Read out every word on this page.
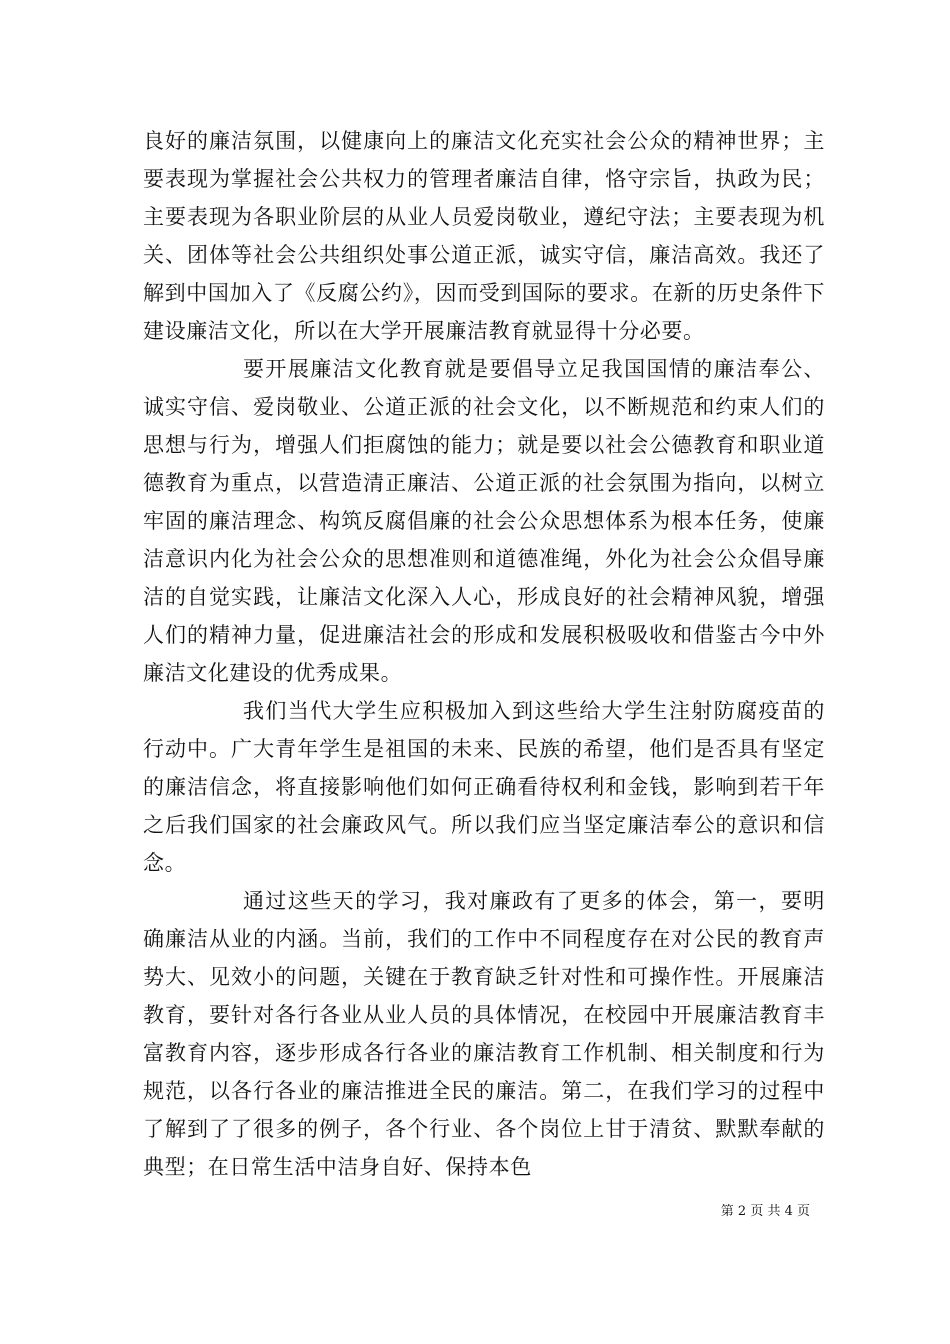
良好的廉洁氛围，以健康向上的廉洁文化充实社会公众的精神世界；主要表现为掌握社会公共权力的管理者廉洁自律，恪守宗旨，执政为民；主要表现为各职业阶层的从业人员爱岗敬业，遵纪守法；主要表现为机关、团体等社会公共组织处事公道正派，诚实守信，廉洁高效。我还了解到中国加入了《反腐公约》，因而受到国际的要求。在新的历史条件下建设廉洁文化，所以在大学开展廉洁教育就显得十分必要。

要开展廉洁文化教育就是要倡导立足我国国情的廉洁奉公、诚实守信、爱岗敬业、公道正派的社会文化，以不断规范和约束人们的思想与行为，增强人们拒腐蚀的能力；就是要以社会公德教育和职业道德教育为重点，以营造清正廉洁、公道正派的社会氛围为指向，以树立牢固的廉洁理念、构筑反腐倡廉的社会公众思想体系为根本任务，使廉洁意识内化为社会公众的思想准则和道德准绳，外化为社会公众倡导廉洁的自觉实践，让廉洁文化深入人心，形成良好的社会精神风貌，增强人们的精神力量，促进廉洁社会的形成和发展积极吸收和借鉴古今中外廉洁文化建设的优秀成果。

我们当代大学生应积极加入到这些给大学生注射防腐疫苗的行动中。广大青年学生是祖国的未来、民族的希望，他们是否具有坚定的廉洁信念，将直接影响他们如何正确看待权利和金钱，影响到若干年之后我们国家的社会廉政风气。所以我们应当坚定廉洁奉公的意识和信念。

通过这些天的学习，我对廉政有了更多的体会，第一，要明确廉洁从业的内涵。当前，我们的工作中不同程度存在对公民的教育声势大、见效小的问题，关键在于教育缺乏针对性和可操作性。开展廉洁教育，要针对各行各业从业人员的具体情况，在校园中开展廉洁教育丰富教育内容，逐步形成各行各业的廉洁教育工作机制、相关制度和行为规范，以各行各业的廉洁推进全民的廉洁。第二，在我们学习的过程中了解到了了很多的例子，各个行业、各个岗位上甘于清贫、默默奉献的典型；在日常生活中洁身自好、保持本色

第 2 页 共 4 页
